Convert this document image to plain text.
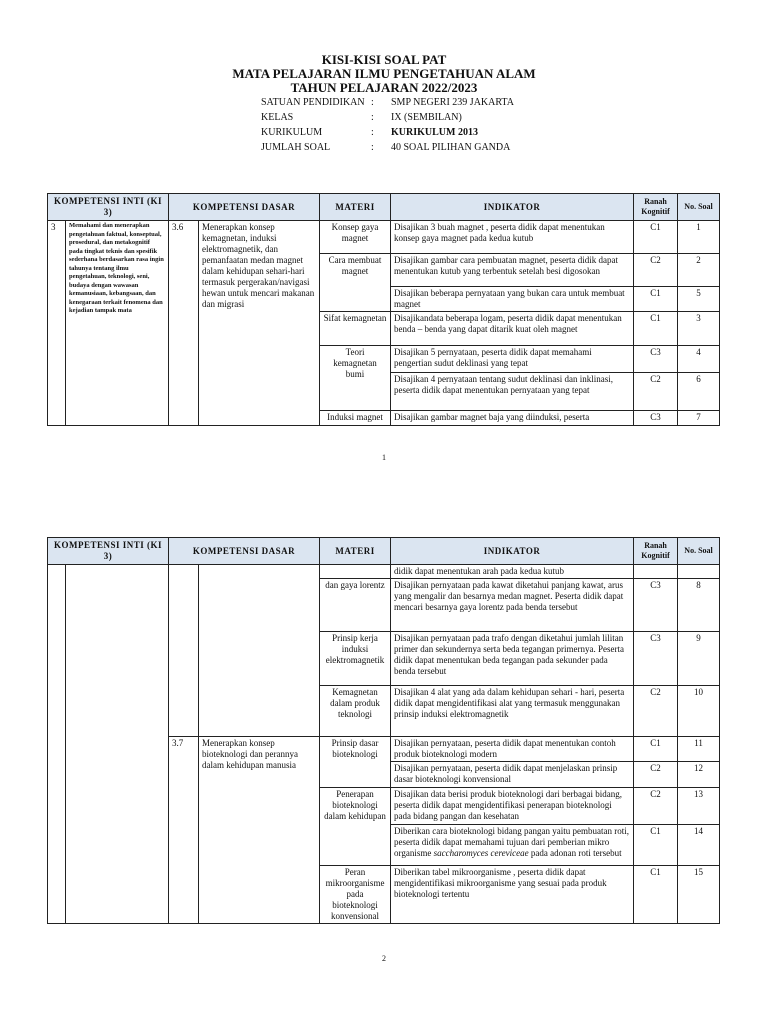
KISI-KISI SOAL PAT
MATA PELAJARAN ILMU PENGETAHUAN ALAM
TAHUN PELAJARAN 2022/2023
SATUAN PENDIDIKAN :	SMP NEGERI 239 JAKARTA
KELAS	:	IX (SEMBILAN)
KURIKULUM	:	KURIKULUM 2013
JUMLAH SOAL	:	40 SOAL PILIHAN GANDA
KOMPETENSI INTI (KI 3)		KOMPETENSI DASAR		MATERI	INDIKATOR	Ranah Kognitif	No. Soal
3	Memahami dan menerapkan pengetahuan faktual, konseptual, prosedural, dan metakognitif pada tingkat teknis dan spesifik sederhana berdasarkan rasa ingin tahunya tentang ilmu pengetahuan, teknologi, seni, budaya dengan wawasan kemanusiaan, kebangsaan, dan kenegaraan terkait fenomena dan kejadian tampak mata	3.6	Menerapkan konsep kemagnetan, induksi elektromagnetik, dan pemanfaatan medan magnet dalam kehidupan sehari-hari termasuk pergerakan/navigasi hewan untuk mencari makanan dan migrasi	Konsep gaya magnet	Disajikan 3 buah magnet , peserta didik dapat menentukan konsep gaya magnet pada kedua kutub	C1	1
				Cara membuat magnet	Disajikan gambar cara pembuatan magnet, peserta didik dapat menentukan kutub yang terbentuk setelah besi digosokan	C2	2
					Disajikan beberapa pernyataan yang bukan cara untuk membuat magnet	C1	5
				Sifat kemagnetan	Disajikandata beberapa logam, peserta didik dapat menentukan benda – benda yang dapat ditarik kuat oleh magnet	C1	3
				Teori kemagnetan bumi	Disajikan 5 pernyataan, peserta didik dapat memahami pengertian sudut deklinasi yang tepat	C3	4
					Disajikan 4 pernyataan tentang sudut deklinasi dan inklinasi, peserta didik dapat menentukan pernyataan yang tepat	C2	6
				Induksi magnet	Disajikan gambar magnet baja yang diinduksi, peserta	C3	7
1
KOMPETENSI INTI (KI 3)		KOMPETENSI DASAR		MATERI	INDIKATOR	Ranah Kognitif	No. Soal
					didik dapat menentukan arah pada kedua kutub		
				dan gaya lorentz	Disajikan pernyataan pada kawat diketahui panjang kawat, arus yang mengalir dan besarnya medan magnet. Peserta didik dapat mencari besarnya gaya lorentz pada benda tersebut	C3	8
				Prinsip kerja induksi elektromagnetik	Disajikan pernyataan pada trafo dengan diketahui jumlah lilitan primer dan sekundernya serta beda tegangan primernya. Peserta didik dapat menentukan beda tegangan pada sekunder pada benda tersebut	C3	9
				Kemagnetan dalam produk teknologi	Disajikan 4 alat yang ada dalam kehidupan sehari - hari, peserta didik dapat mengidentifikasi alat yang termasuk menggunakan prinsip induksi elektromagnetik	C2	10
		3.7	Menerapkan konsep bioteknologi dan perannya dalam kehidupan manusia	Prinsip dasar bioteknologi	Disajikan pernyataan, peserta didik dapat menentukan contoh produk bioteknologi modern	C1	11
					Disajikan pernyataan, peserta didik dapat menjelaskan prinsip dasar bioteknologi konvensional	C2	12
				Penerapan bioteknologi dalam kehidupan	Disajikan data berisi produk bioteknologi dari berbagai bidang, peserta didik dapat mengidentifikasi penerapan bioteknologi pada bidang pangan dan kesehatan	C2	13
					Diberikan cara bioteknologi bidang pangan yaitu pembuatan roti, peserta didik dapat memahami tujuan dari pemberian mikro organisme saccharomyces cereviceae pada adonan roti tersebut	C1	14
				Peran mikroorganisme pada bioteknologi konvensional	Diberikan tabel mikroorganisme , peserta didik dapat mengidentifikasi mikroorganisme yang sesuai pada produk bioteknologi tertentu	C1	15
2
